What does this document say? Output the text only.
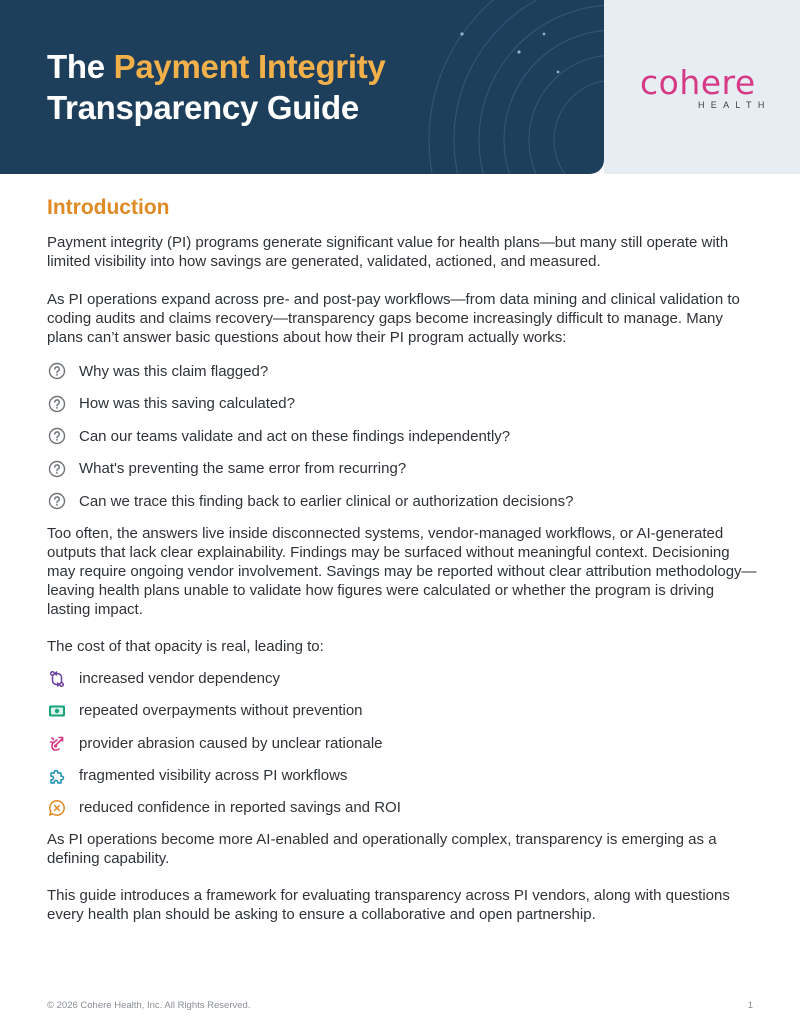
The Payment Integrity
Transparency Guide
cohere
HEALTH
Introduction

Payment integrity (PI) programs generate significant value for health plans—but many still operate with limited visibility into how savings are generated, validated, actioned, and measured.

As PI operations expand across pre- and post-pay workflows—from data mining and clinical validation to coding audits and claims recovery—transparency gaps become increasingly difficult to manage. Many plans can’t answer basic questions about how their PI program actually works:

Why was this claim flagged?
How was this saving calculated?
Can our teams validate and act on these findings independently?
What's preventing the same error from recurring?
Can we trace this finding back to earlier clinical or authorization decisions?

Too often, the answers live inside disconnected systems, vendor-managed workflows, or AI-generated outputs that lack clear explainability. Findings may be surfaced without meaningful context. Decisioning may require ongoing vendor involvement. Savings may be reported without clear attribution methodology—leaving health plans unable to validate how figures were calculated or whether the program is driving lasting impact.

The cost of that opacity is real, leading to:

increased vendor dependency
repeated overpayments without prevention
provider abrasion caused by unclear rationale
fragmented visibility across PI workflows
reduced confidence in reported savings and ROI

As PI operations become more AI-enabled and operationally complex, transparency is emerging as a defining capability.

This guide introduces a framework for evaluating transparency across PI vendors, along with questions every health plan should be asking to ensure a collaborative and open partnership.

© 2026 Cohere Health, Inc. All Rights Reserved.	1
